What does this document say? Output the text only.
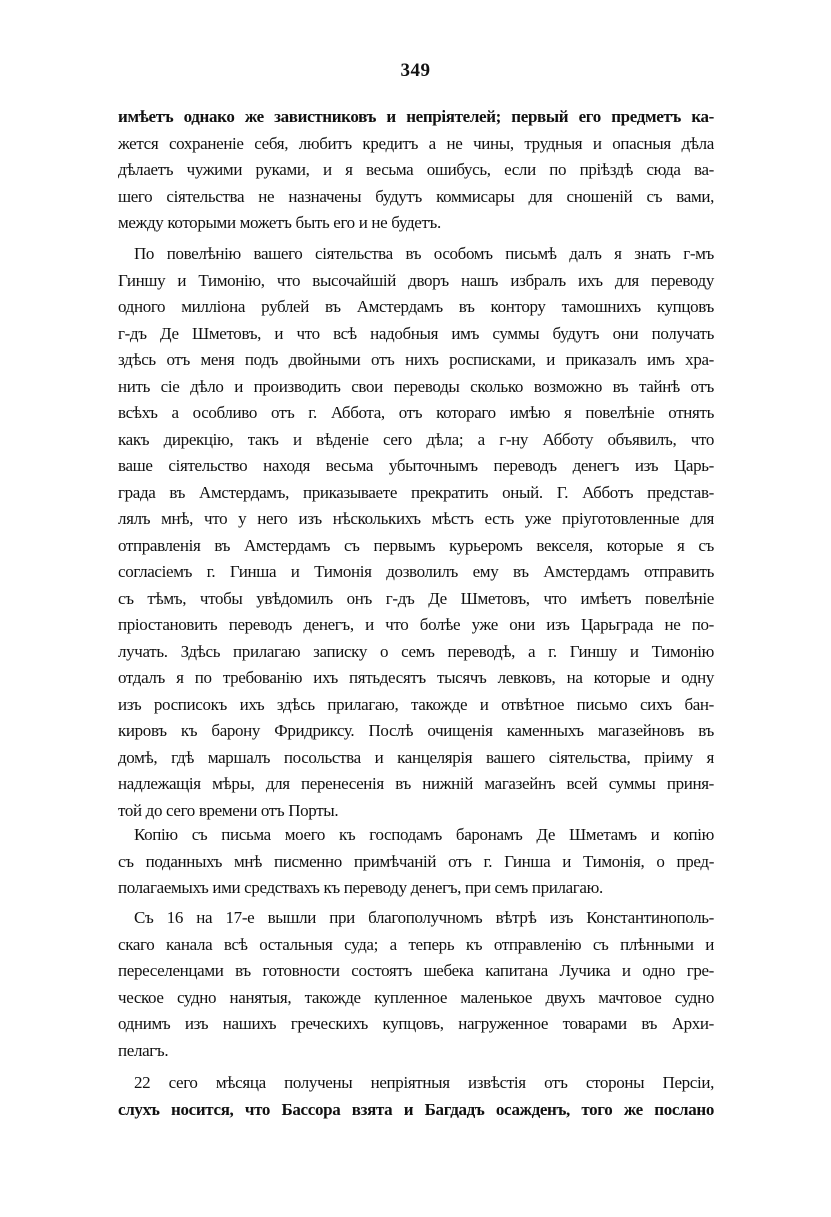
349
имѣетъ однако же завистниковъ и непріятелей; первый его предметъ ка-
жется сохраненіе себя, любитъ кредитъ а не чины, трудныя и опасныя дѣла
дѣлаетъ чужими руками, и я весьма ошибусь, если по пріѣздѣ сюда ва-
шего сіятельства не назначены будутъ коммисары для сношеній съ вами,
между которыми можетъ быть его и не будетъ.
По повелѣнію вашего сіятельства въ особомъ письмѣ далъ я знать г-мъ
Гиншу и Тимонію, что высочайшій дворъ нашъ избралъ ихъ для переводу
одного милліона рублей въ Амстердамъ въ контору тамошнихъ купцовъ
г-дъ Де Шметовъ, и что всѣ надобныя имъ суммы будутъ они получать
здѣсь отъ меня подъ двойными отъ нихъ росписками, и приказалъ имъ хра-
нить сіе дѣло и производить свои переводы сколько возможно въ тайнѣ отъ
всѣхъ а особливо отъ г. Аббота, отъ котораго имѣю я повелѣніе отнять
какъ дирекцію, такъ и вѣденіе сего дѣла; а г-ну Абботу объявилъ, что
ваше сіятельство находя весьма убыточнымъ переводъ денегъ изъ Царь-
града въ Амстердамъ, приказываете прекратить оный. Г. Абботъ представ-
лялъ мнѣ, что у него изъ нѣсколькихъ мѣстъ есть уже пріуготовленные для
отправленія въ Амстердамъ съ первымъ курьеромъ векселя, которые я съ
согласіемъ г. Гинша и Тимонія дозволилъ ему въ Амстердамъ отправить
съ тѣмъ, чтобы увѣдомилъ онъ г-дъ Де Шметовъ, что имѣетъ повелѣніе
пріостановить переводъ денегъ, и что болѣе уже они изъ Царьграда не по-
лучать. Здѣсь прилагаю записку о семъ переводѣ, а г. Гиншу и Тимонію
отдалъ я по требованію ихъ пятьдесятъ тысячъ левковъ, на которые и одну
изъ росписокъ ихъ здѣсь прилагаю, такожде и отвѣтное письмо сихъ бан-
кировъ къ барону Фридриксу. Послѣ очищенія каменныхъ магазейновъ въ
домѣ, гдѣ маршалъ посольства и канцелярія вашего сіятельства, пріиму я
надлежащія мѣры, для перенесенія въ нижній магазейнъ всей суммы приня-
той до сего времени отъ Порты.
Копію съ письма моего къ господамъ баронамъ Де Шметамъ и копію
съ поданныхъ мнѣ писменно примѣчаній отъ г. Гинша и Тимонія, о пред-
полагаемыхъ ими средствахъ къ переводу денегъ, при семъ прилагаю.
Съ 16 на 17-е вышли при благополучномъ вѣтрѣ изъ Константинополь-
скаго канала всѣ остальныя суда; а теперь къ отправленію съ плѣнными и
переселенцами въ готовности состоятъ шебека капитана Лучика и одно гре-
ческое судно нанятыя, такожде купленное маленькое двухъ мачтовое судно
однимъ изъ нашихъ греческихъ купцовъ, нагруженное товарами въ Архи-
пелагъ.
22 сего мѣсяца получены непріятныя извѣстія отъ стороны Персіи,
слухъ носится, что Бассора взята и Багдадъ осажденъ, того же послано
